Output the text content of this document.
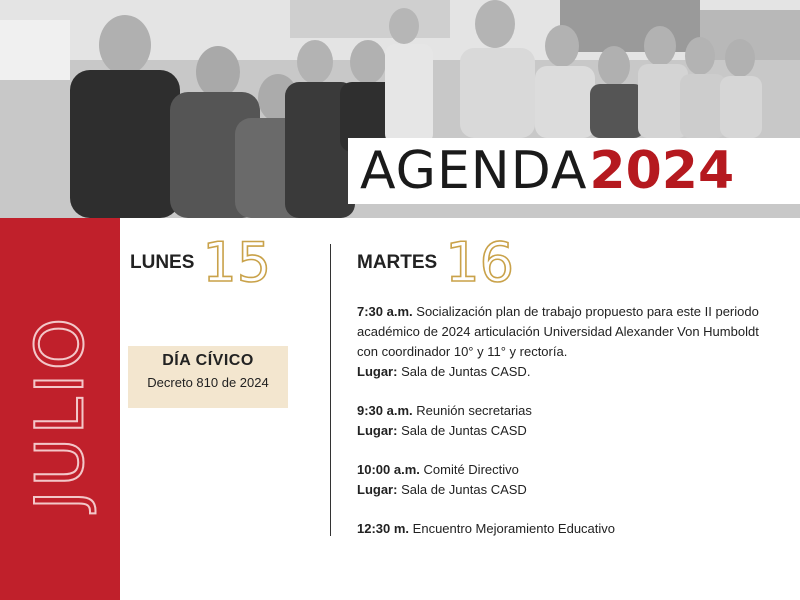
AGENDA 2024
JULIO
LUNES 15	MARTES 16
DÍA CÍVICO
Decreto 810 de 2024
7:30 a.m. Socialización plan de trabajo propuesto para este II periodo académico de 2024 articulación Universidad Alexander Von Humboldt con coordinador 10° y 11° y rectoría.
Lugar: Sala de Juntas CASD.
9:30 a.m. Reunión secretarias
Lugar: Sala de Juntas CASD
10:00 a.m. Comité Directivo
Lugar: Sala de Juntas CASD
12:30 m. Encuentro Mejoramiento Educativo
